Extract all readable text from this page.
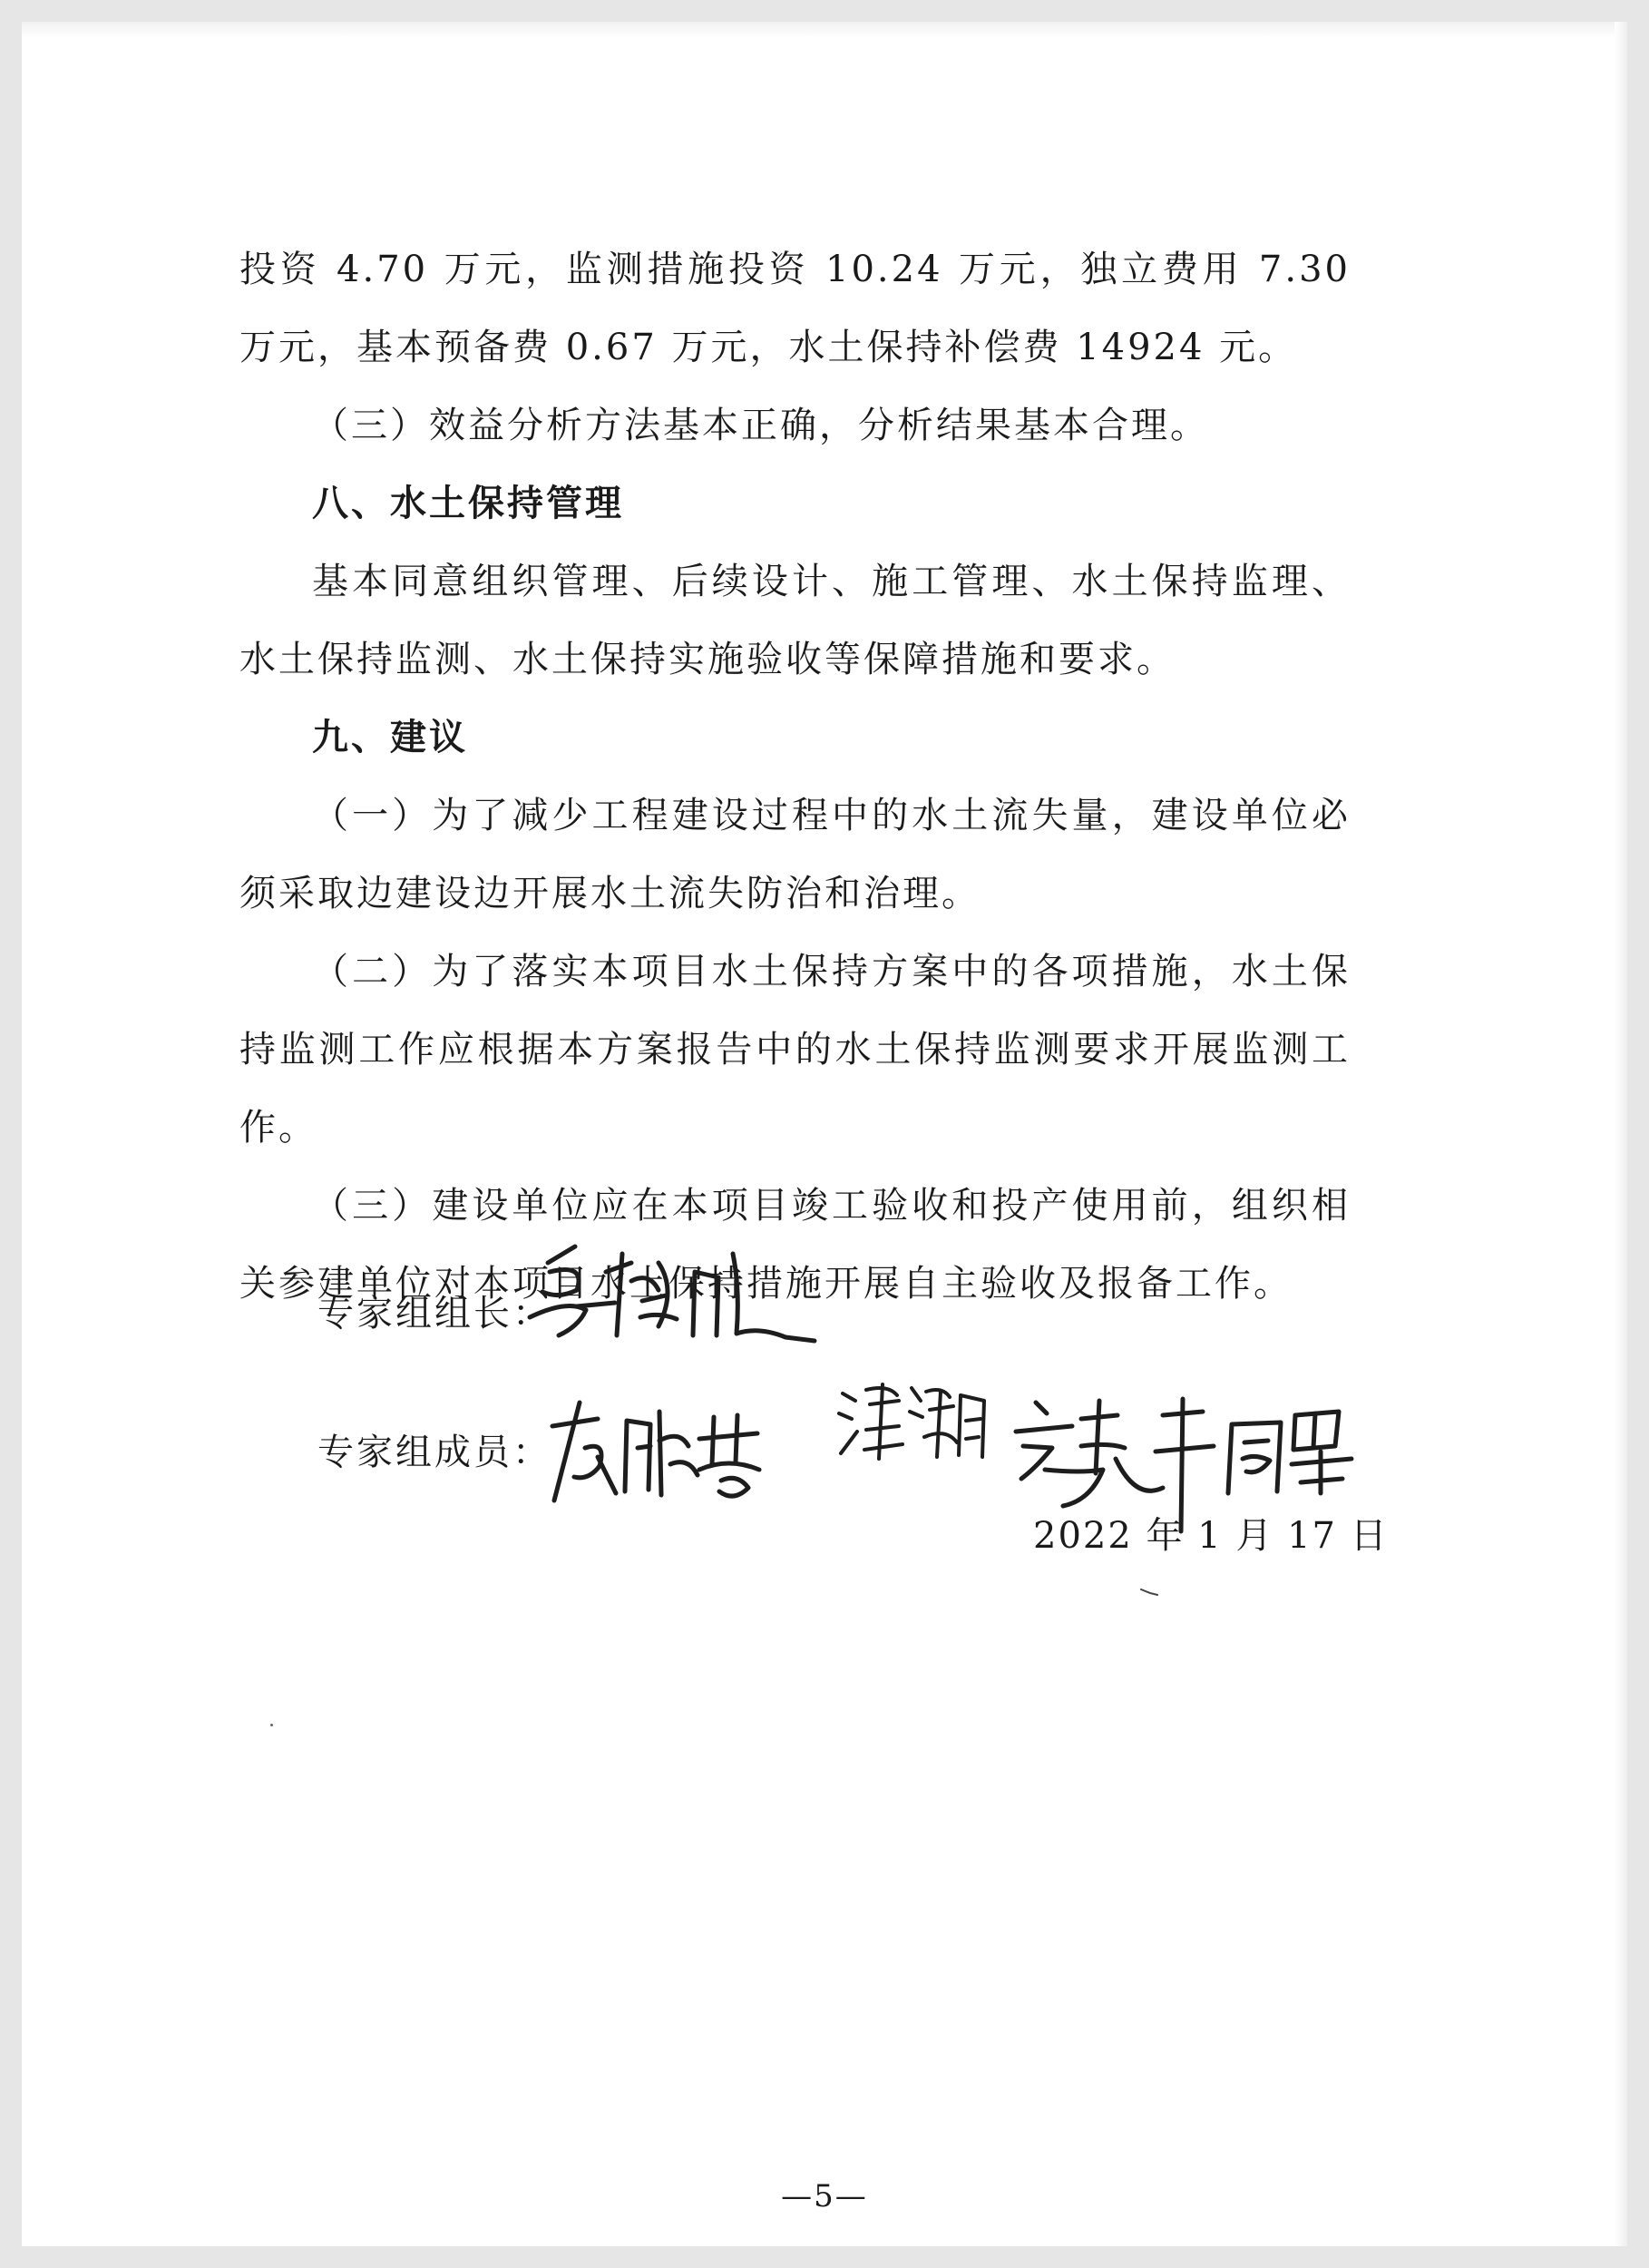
投资 4.70 万元，监测措施投资 10.24 万元，独立费用 7.30 万元，基本预备费 0.67 万元，水土保持补偿费 14924 元。

（三）效益分析方法基本正确，分析结果基本合理。

八、水土保持管理

基本同意组织管理、后续设计、施工管理、水土保持监理、水土保持监测、水土保持实施验收等保障措施和要求。

九、建议

（一）为了减少工程建设过程中的水土流失量，建设单位必须采取边建设边开展水土流失防治和治理。

（二）为了落实本项目水土保持方案中的各项措施，水土保持监测工作应根据本方案报告中的水土保持监测要求开展监测工作。

（三）建设单位应在本项目竣工验收和投产使用前，组织相关参建单位对本项目水土保持措施开展自主验收及报备工作。

专家组组长：
专家组成员：
2022 年 1 月 17 日
—5—
